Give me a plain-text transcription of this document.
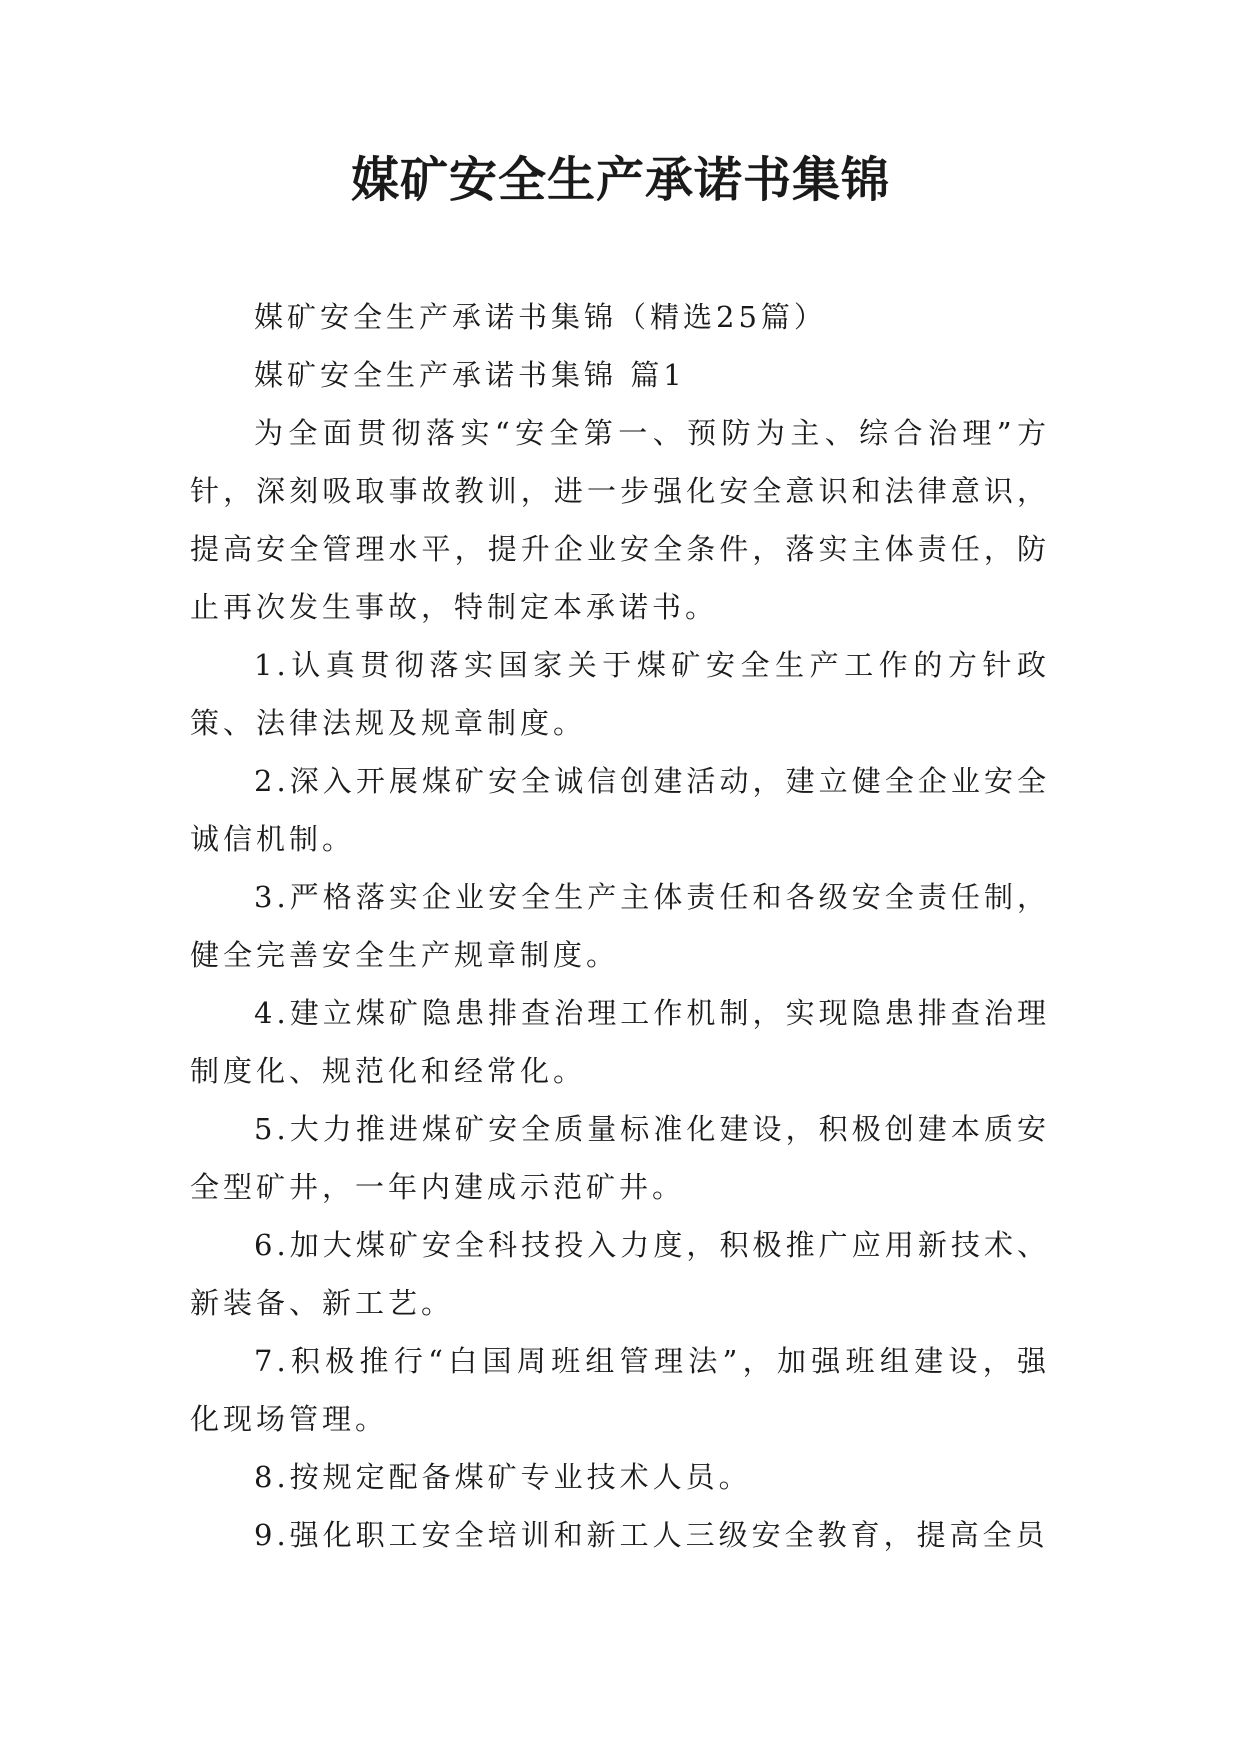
媒矿安全生产承诺书集锦

媒矿安全生产承诺书集锦（精选25篇）

媒矿安全生产承诺书集锦 篇1

为全面贯彻落实“安全第一、预防为主、综合治理”方针，深刻吸取事故教训，进一步强化安全意识和法律意识，提高安全管理水平，提升企业安全条件，落实主体责任，防止再次发生事故，特制定本承诺书。

1.认真贯彻落实国家关于煤矿安全生产工作的方针政策、法律法规及规章制度。

2.深入开展煤矿安全诚信创建活动，建立健全企业安全诚信机制。

3.严格落实企业安全生产主体责任和各级安全责任制，健全完善安全生产规章制度。

4.建立煤矿隐患排查治理工作机制，实现隐患排查治理制度化、规范化和经常化。

5.大力推进煤矿安全质量标准化建设，积极创建本质安全型矿井，一年内建成示范矿井。

6.加大煤矿安全科技投入力度，积极推广应用新技术、新装备、新工艺。

7.积极推行“白国周班组管理法”，加强班组建设，强化现场管理。

8.按规定配备煤矿专业技术人员。

9.强化职工安全培训和新工人三级安全教育，提高全员
